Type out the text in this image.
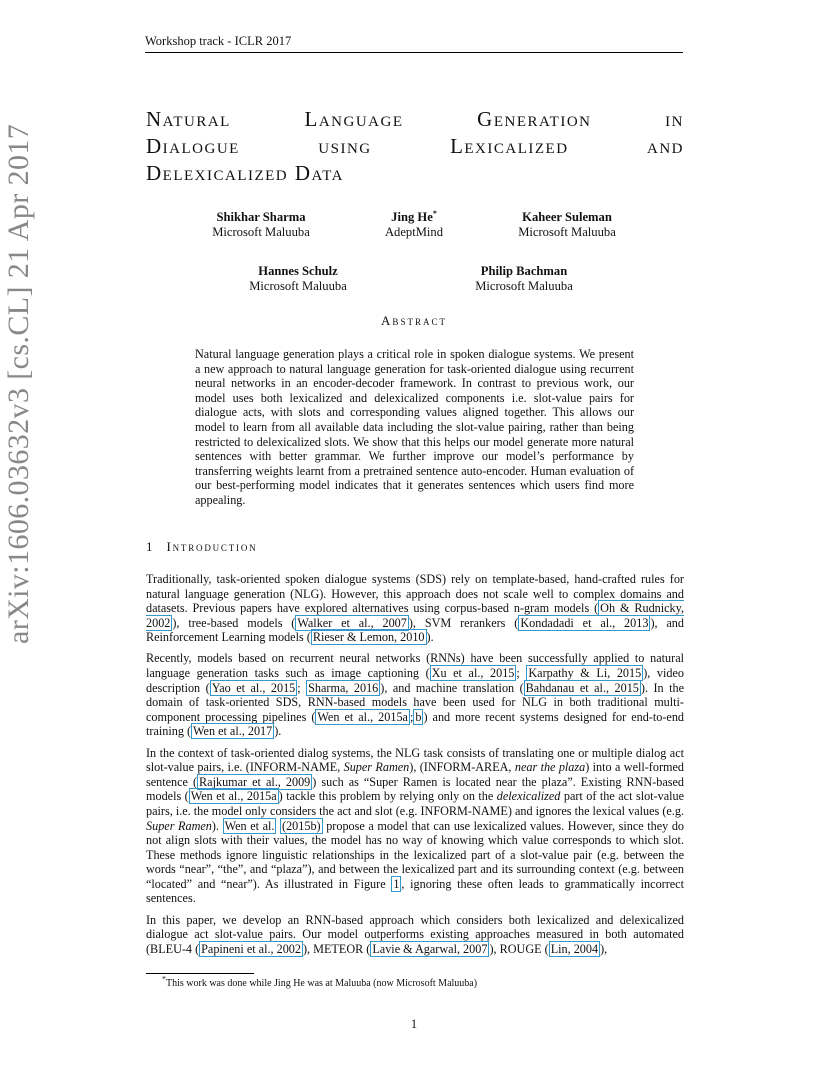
Workshop track - ICLR 2017
arXiv:1606.03632v3 [cs.CL] 21 Apr 2017
Natural Language Generation in
Dialogue using Lexicalized and
Delexicalized Data
Shikhar Sharma
Microsoft Maluuba
Jing He*
AdeptMind
Kaheer Suleman
Microsoft Maluuba
Hannes Schulz
Microsoft Maluuba
Philip Bachman
Microsoft Maluuba
Abstract
Natural language generation plays a critical role in spoken dialogue systems. We present a new approach to natural language generation for task-oriented dialogue using recurrent neural networks in an encoder-decoder framework. In contrast to previous work, our model uses both lexicalized and delexicalized components i.e. slot-value pairs for dialogue acts, with slots and corresponding values aligned together. This allows our model to learn from all available data including the slot-value pairing, rather than being restricted to delexicalized slots. We show that this helps our model generate more natural sentences with better grammar. We further improve our model’s performance by transferring weights learnt from a pretrained sentence auto-encoder. Human evaluation of our best-performing model indicates that it generates sentences which users find more appealing.
1 Introduction

Traditionally, task-oriented spoken dialogue systems (SDS) rely on template-based, hand-crafted rules for natural language generation (NLG). However, this approach does not scale well to complex domains and datasets. Previous papers have explored alternatives using corpus-based n-gram models ( Oh & Rudnicky, 2002 ), tree-based models ( Walker et al., 2007 ), SVM rerankers ( Kondadadi et al., 2013 ), and Reinforcement Learning models ( Rieser & Lemon, 2010 ).

Recently, models based on recurrent neural networks (RNNs) have been successfully applied to natural language generation tasks such as image captioning ( Xu et al., 2015 ; Karpathy & Li, 2015 ), video description ( Yao et al., 2015 ; Sharma, 2016 ), and machine translation ( Bahdanau et al., 2015 ). In the domain of task-oriented SDS, RNN-based models have been used for NLG in both traditional multi-component processing pipelines ( Wen et al., 2015a ; b ) and more recent systems designed for end-to-end training ( Wen et al., 2017 ).

In the context of task-oriented dialog systems, the NLG task consists of translating one or multiple dialog act slot-value pairs, i.e. (INFORM-NAME, Super Ramen), (INFORM-AREA, near the plaza) into a well-formed sentence ( Rajkumar et al., 2009 ) such as “Super Ramen is located near the plaza”. Existing RNN-based models ( Wen et al., 2015a ) tackle this problem by relying only on the delexicalized part of the act slot-value pairs, i.e. the model only considers the act and slot (e.g. INFORM-NAME) and ignores the lexical values (e.g. Super Ramen). Wen et al. (2015b) propose a model that can use lexicalized values. However, since they do not align slots with their values, the model has no way of knowing which value corresponds to which slot. These methods ignore linguistic relationships in the lexicalized part of a slot-value pair (e.g. between the words “near”, “the”, and “plaza”), and between the lexicalized part and its surrounding context (e.g. between “located” and “near”). As illustrated in Figure 1 , ignoring these often leads to grammatically incorrect sentences.

In this paper, we develop an RNN-based approach which considers both lexicalized and delexicalized dialogue act slot-value pairs. Our model outperforms existing approaches measured in both automated (BLEU-4 ( Papineni et al., 2002 ), METEOR ( Lavie & Agarwal, 2007 ), ROUGE ( Lin, 2004 ),

*This work was done while Jing He was at Maluuba (now Microsoft Maluuba)
1
